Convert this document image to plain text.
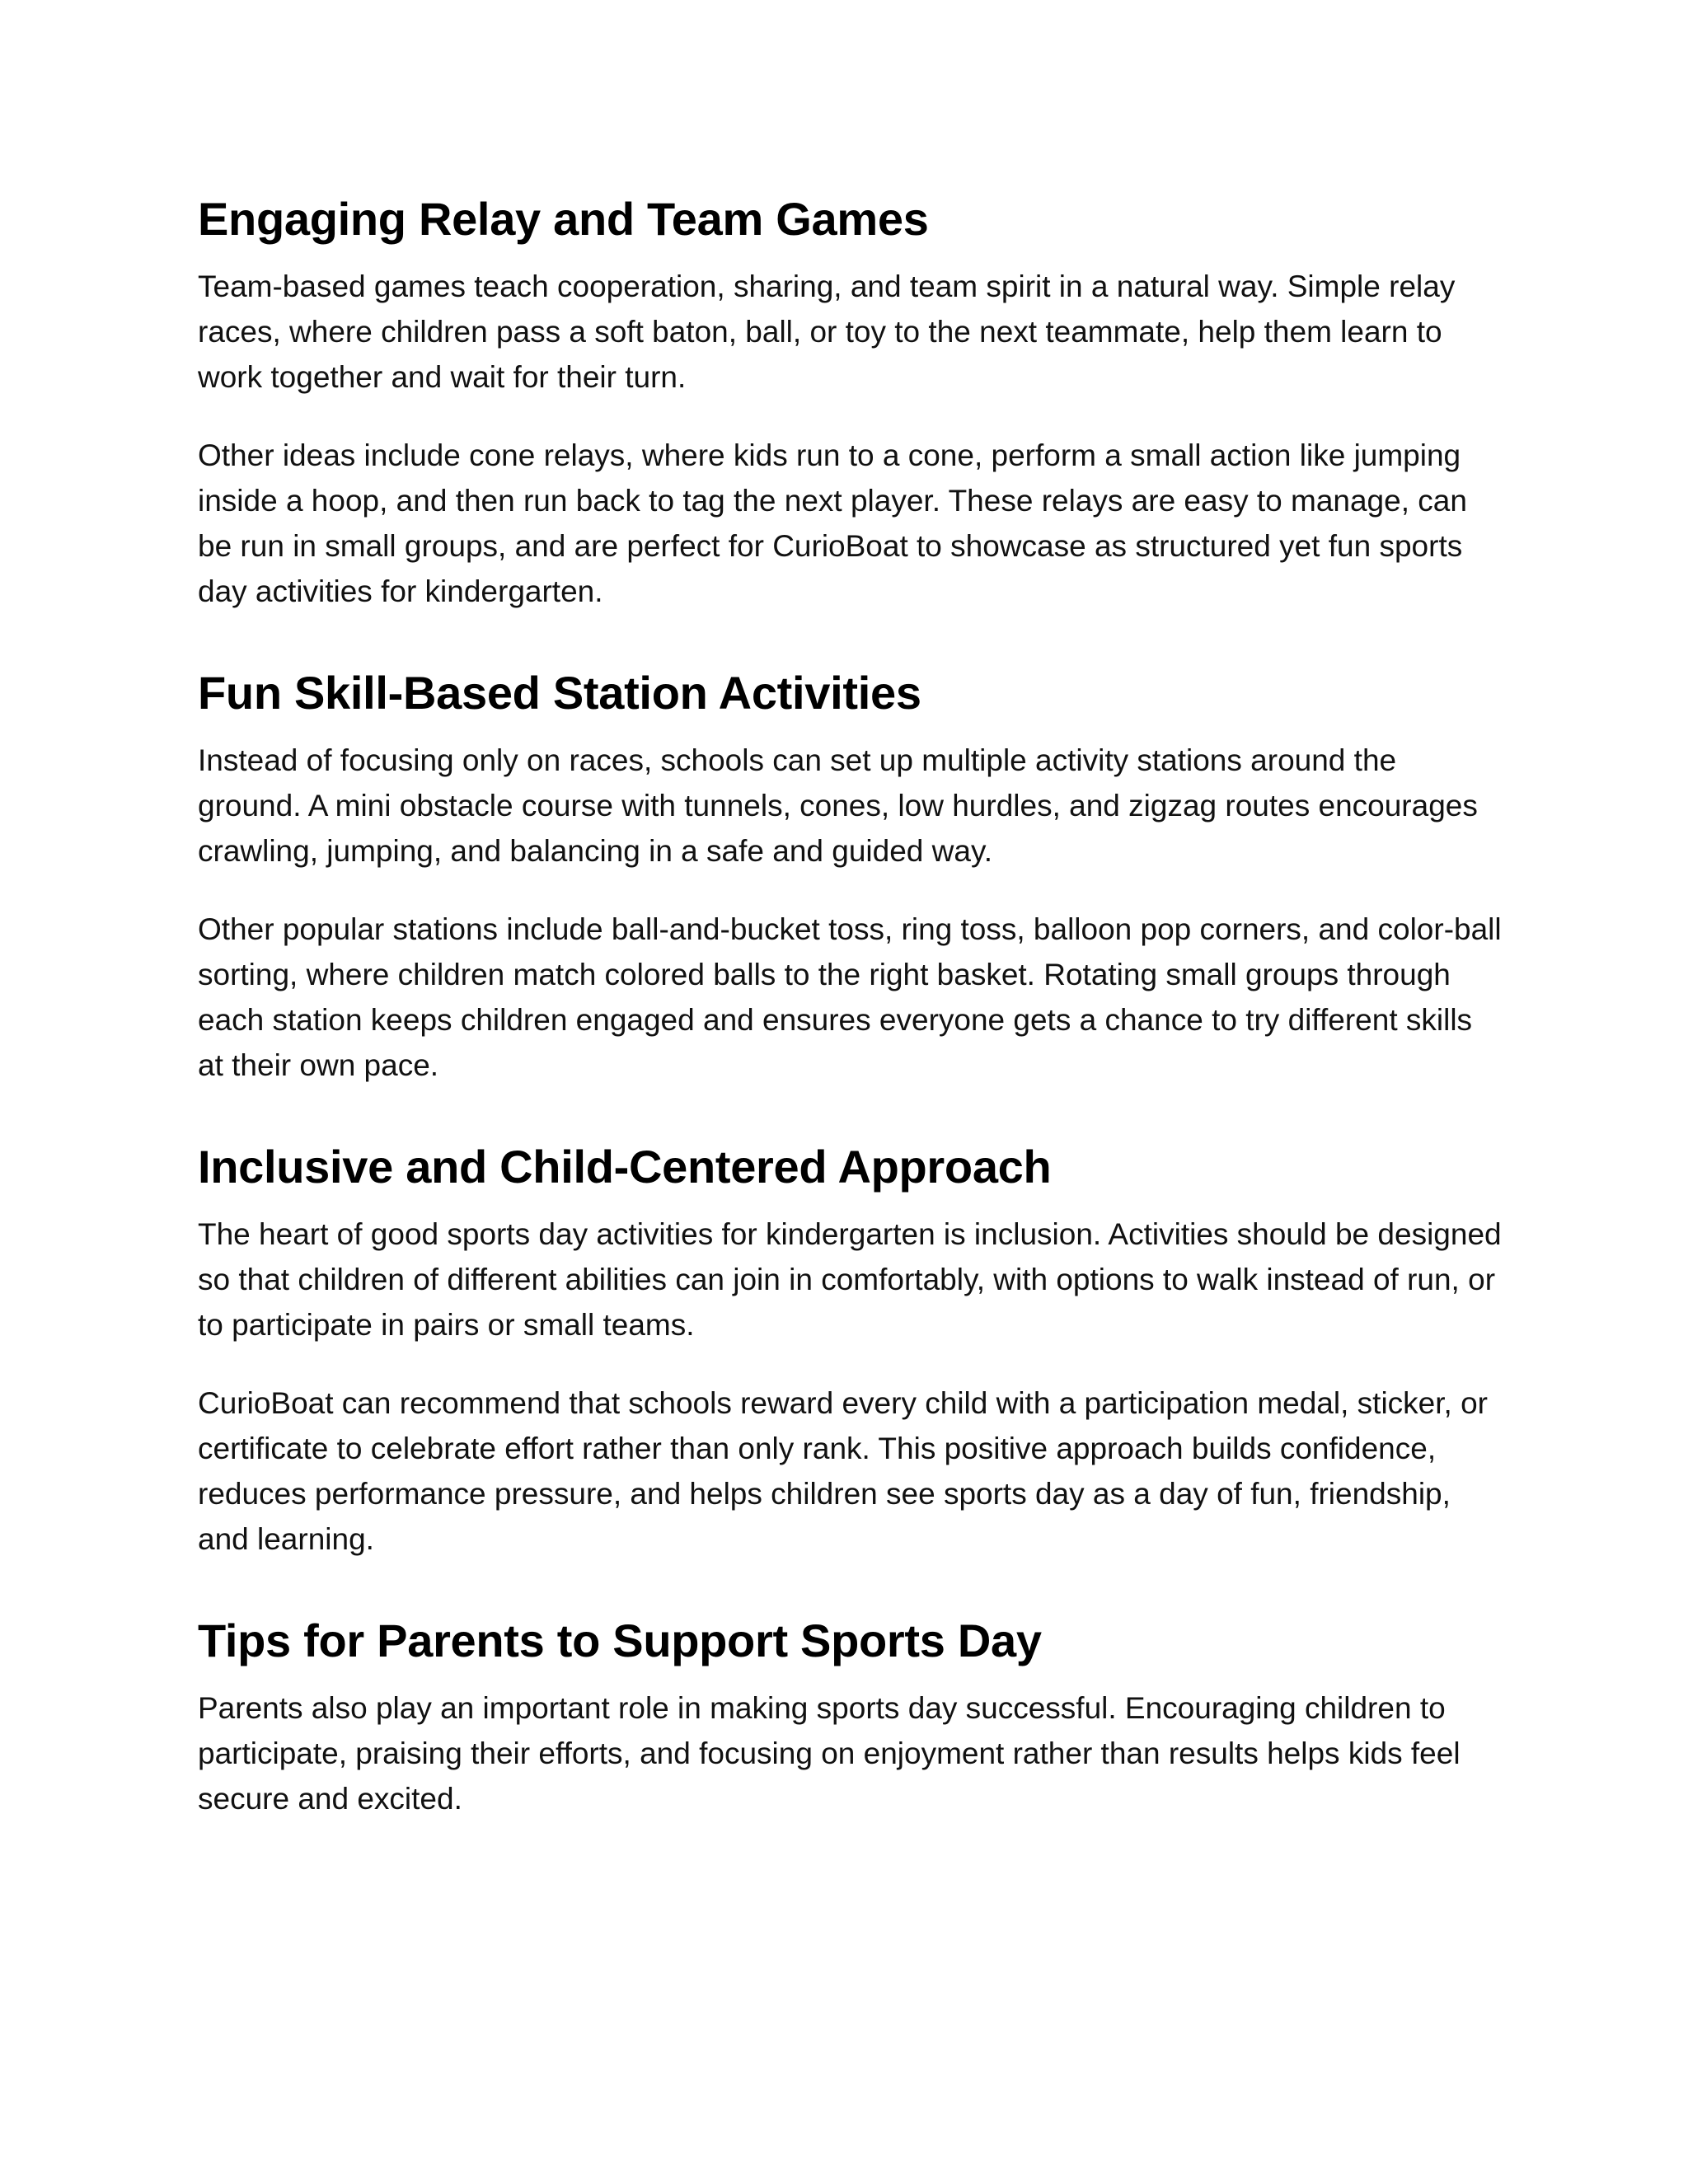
Engaging Relay and Team Games

Team-based games teach cooperation, sharing, and team spirit in a natural way. Simple relay races, where children pass a soft baton, ball, or toy to the next teammate, help them learn to work together and wait for their turn.

Other ideas include cone relays, where kids run to a cone, perform a small action like jumping inside a hoop, and then run back to tag the next player. These relays are easy to manage, can be run in small groups, and are perfect for CurioBoat to showcase as structured yet fun sports day activities for kindergarten.

Fun Skill-Based Station Activities

Instead of focusing only on races, schools can set up multiple activity stations around the ground. A mini obstacle course with tunnels, cones, low hurdles, and zigzag routes encourages crawling, jumping, and balancing in a safe and guided way.

Other popular stations include ball-and-bucket toss, ring toss, balloon pop corners, and color-ball sorting, where children match colored balls to the right basket. Rotating small groups through each station keeps children engaged and ensures everyone gets a chance to try different skills at their own pace.

Inclusive and Child-Centered Approach

The heart of good sports day activities for kindergarten is inclusion. Activities should be designed so that children of different abilities can join in comfortably, with options to walk instead of run, or to participate in pairs or small teams.

CurioBoat can recommend that schools reward every child with a participation medal, sticker, or certificate to celebrate effort rather than only rank. This positive approach builds confidence, reduces performance pressure, and helps children see sports day as a day of fun, friendship, and learning.

Tips for Parents to Support Sports Day

Parents also play an important role in making sports day successful. Encouraging children to participate, praising their efforts, and focusing on enjoyment rather than results helps kids feel secure and excited.
